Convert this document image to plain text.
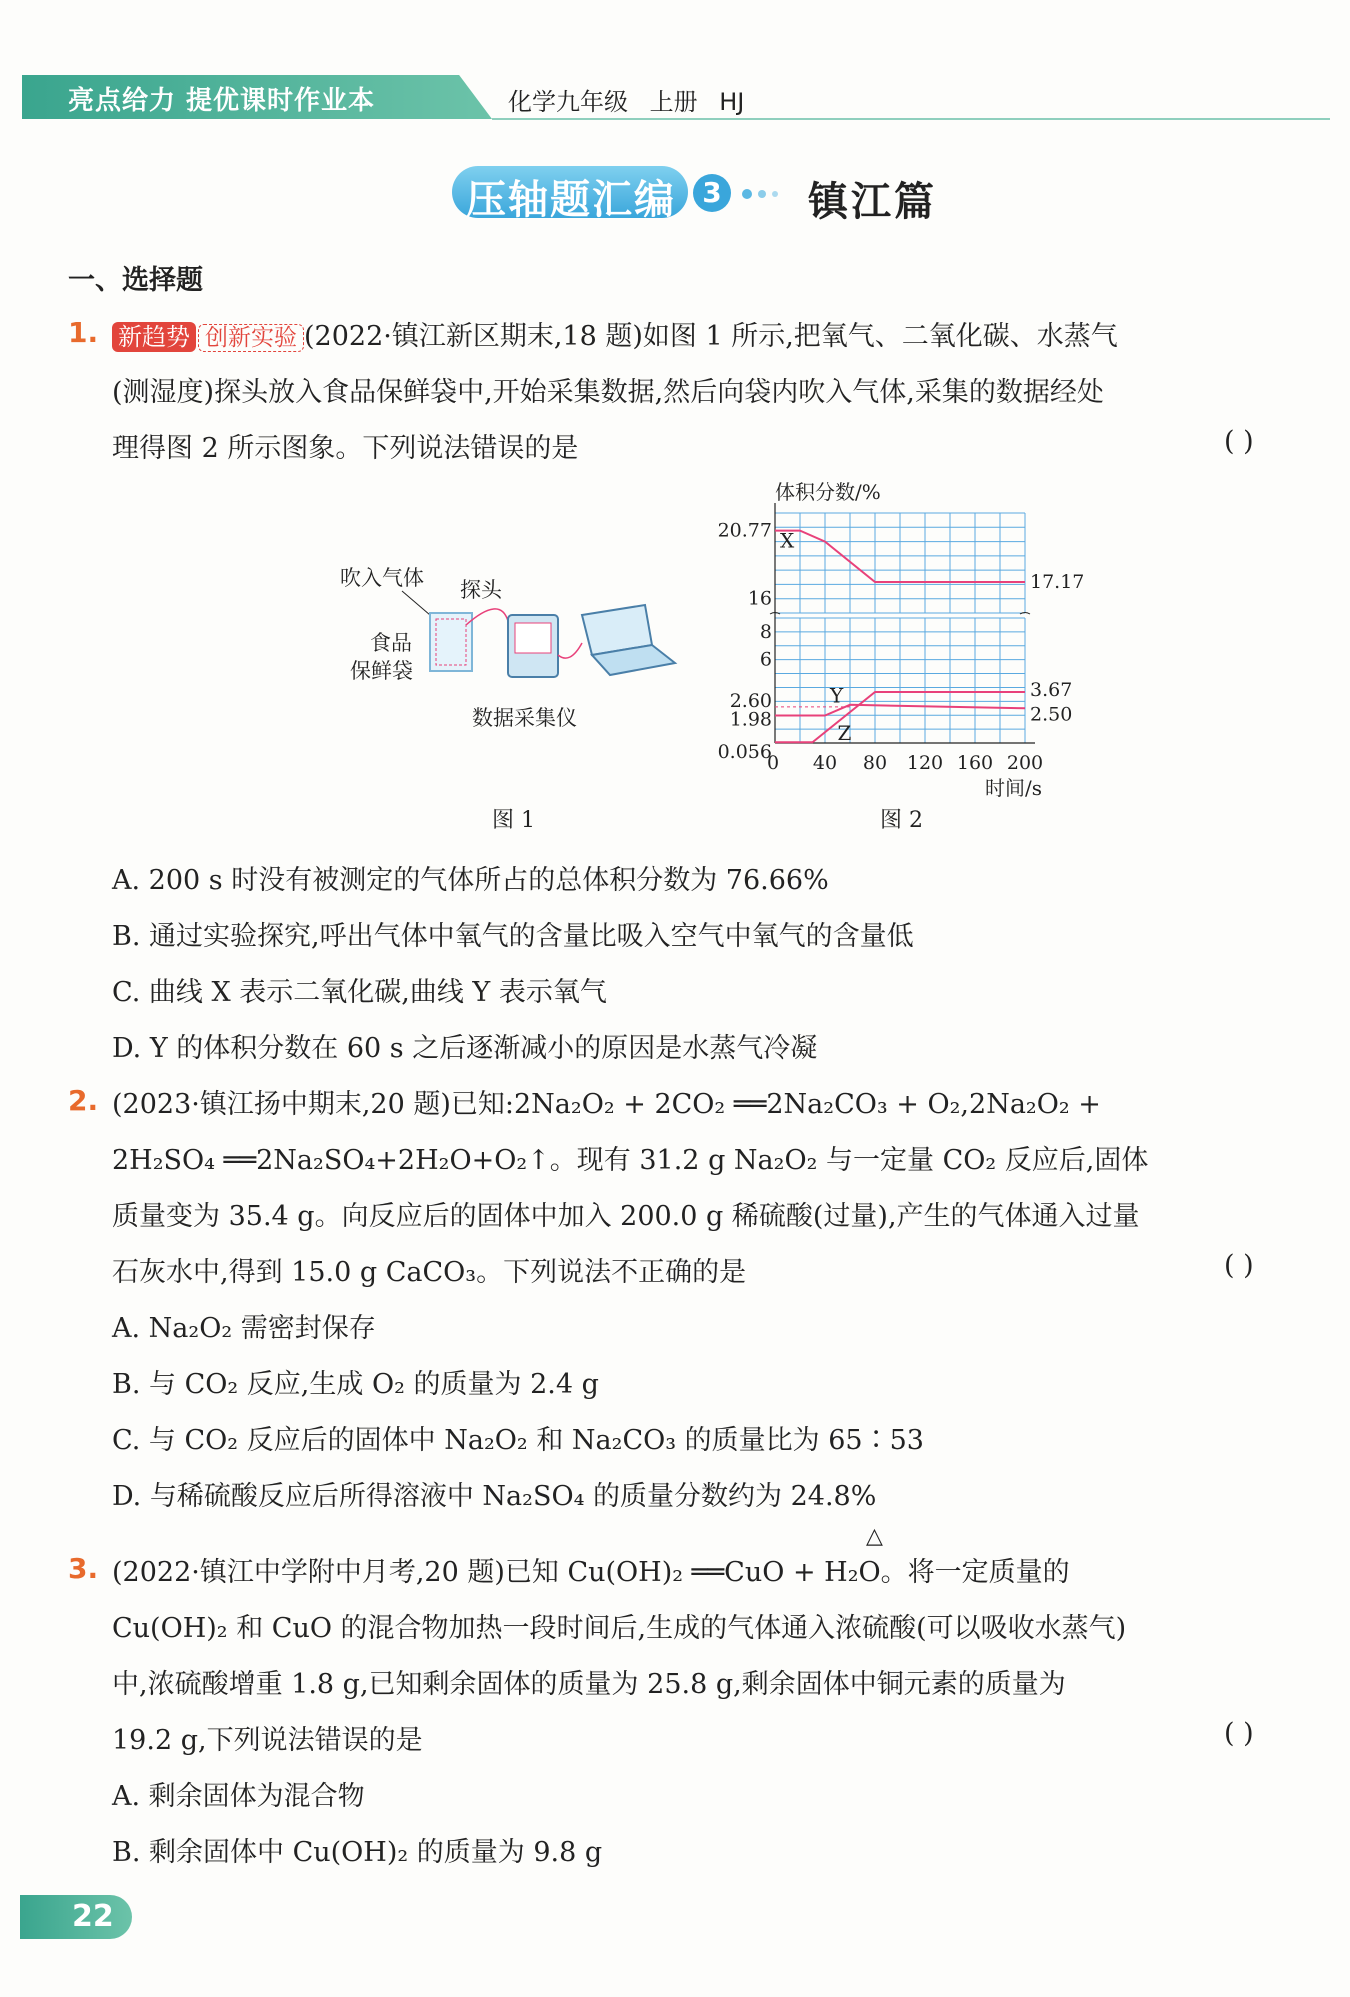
亮点给力 提优课时作业本	化学九年级 上册 HJ
压轴题汇编 3 镇江篇
一、选择题
1. 新趋势 创新实验 (2022·镇江新区期末,18 题)如图 1 所示,把氧气、二氧化碳、水蒸气
(测湿度)探头放入食品保鲜袋中,开始采集数据,然后向袋内吹入气体,采集的数据经处
理得图 2 所示图象。下列说法错误的是	( )
吹入气体 探头
食品
保鲜袋
数据采集仪
图 1
体积分数/%
时间/s
0 40 80 120 160 200
20.77
16
8
6
2.60
1.98
0.056
X
Y
Z
17.17
3.67
2.50
图 2
A. 200 s 时没有被测定的气体所占的总体积分数为 76.66%
B. 通过实验探究,呼出气体中氧气的含量比吸入空气中氧气的含量低
C. 曲线 X 表示二氧化碳,曲线 Y 表示氧气
D. Y 的体积分数在 60 s 之后逐渐减小的原因是水蒸气冷凝
2. (2023·镇江扬中期末,20 题)已知:2Na₂O₂ + 2CO₂ ══2Na₂CO₃ + O₂,2Na₂O₂ +
2H₂SO₄ ══2Na₂SO₄+2H₂O+O₂↑。现有 31.2 g Na₂O₂ 与一定量 CO₂ 反应后,固体
质量变为 35.4 g。向反应后的固体中加入 200.0 g 稀硫酸(过量),产生的气体通入过量
石灰水中,得到 15.0 g CaCO₃。下列说法不正确的是	( )
A. Na₂O₂ 需密封保存
B. 与 CO₂ 反应,生成 O₂ 的质量为 2.4 g
C. 与 CO₂ 反应后的固体中 Na₂O₂ 和 Na₂CO₃ 的质量比为 65∶53
D. 与稀硫酸反应后所得溶液中 Na₂SO₄ 的质量分数约为 24.8%
3.
△
(2022·镇江中学附中月考,20 题)已知 Cu(OH)₂ ══CuO + H₂O。将一定质量的
Cu(OH)₂ 和 CuO 的混合物加热一段时间后,生成的气体通入浓硫酸(可以吸收水蒸气)
中,浓硫酸增重 1.8 g,已知剩余固体的质量为 25.8 g,剩余固体中铜元素的质量为
19.2 g,下列说法错误的是	( )
A. 剩余固体为混合物
B. 剩余固体中 Cu(OH)₂ 的质量为 9.8 g
22
